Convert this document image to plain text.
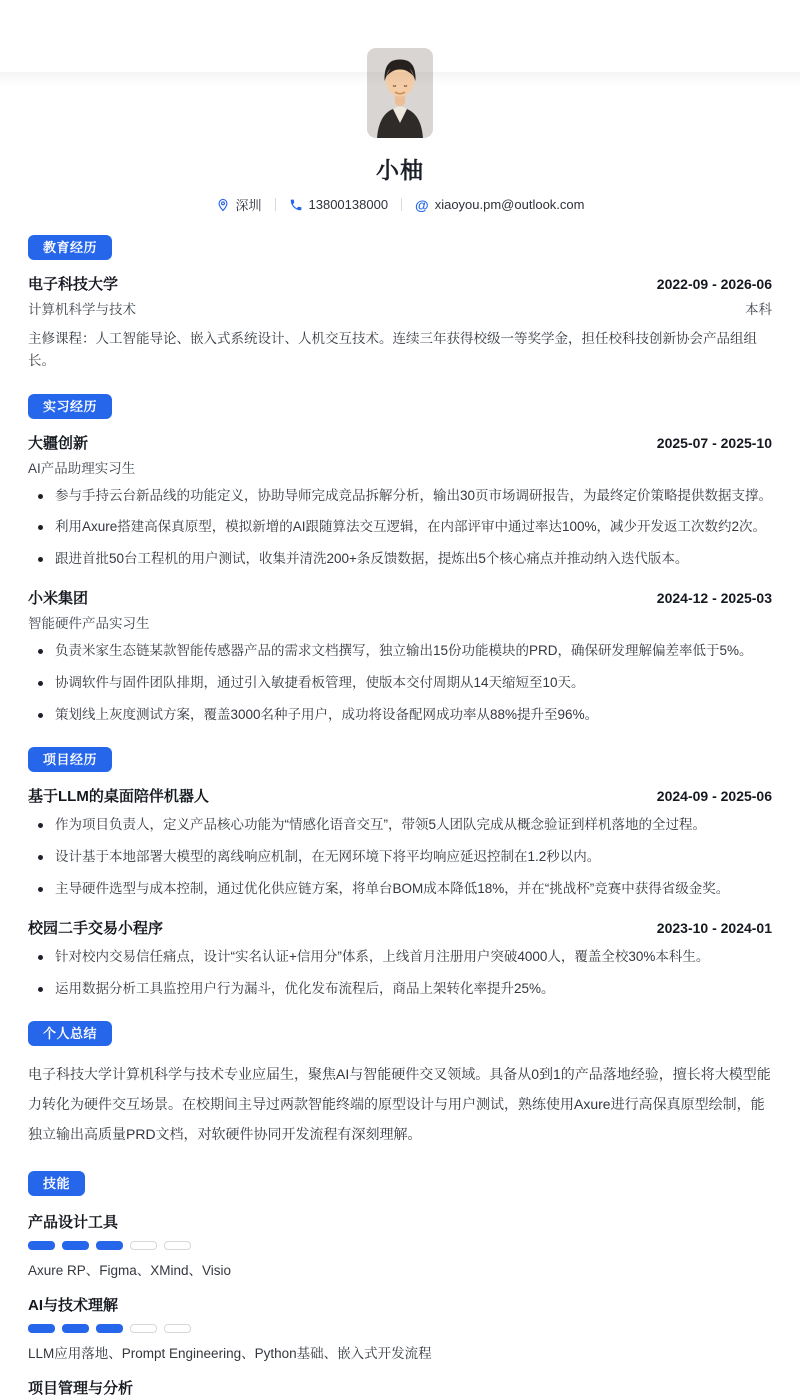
小柚
深圳	13800138000 @ xiaoyou.pm@outlook.com
教育经历
电子科技大学	2022-09 - 2026-06
计算机科学与技术	本科

主修课程：人工智能导论、嵌入式系统设计、人机交互技术。连续三年获得校级一等奖学金，担任校科技创新协会产品组组长。

实习经历
大疆创新	2025-07 - 2025-10
AI产品助理实习生
参与手持云台新品线的功能定义，协助导师完成竞品拆解分析，输出30页市场调研报告，为最终定价策略提供数据支撑。
利用Axure搭建高保真原型，模拟新增的AI跟随算法交互逻辑，在内部评审中通过率达100%，减少开发返工次数约2次。
跟进首批50台工程机的用户测试，收集并清洗200+条反馈数据，提炼出5个核心痛点并推动纳入迭代版本。
小米集团	2024-12 - 2025-03
智能硬件产品实习生
负责米家生态链某款智能传感器产品的需求文档撰写，独立输出15份功能模块的PRD，确保研发理解偏差率低于5%。
协调软件与固件团队排期，通过引入敏捷看板管理，使版本交付周期从14天缩短至10天。
策划线上灰度测试方案，覆盖3000名种子用户，成功将设备配网成功率从88%提升至96%。
项目经历
基于LLM的桌面陪伴机器人	2024-09 - 2025-06
作为项目负责人，定义产品核心功能为“情感化语音交互”，带领5人团队完成从概念验证到样机落地的全过程。
设计基于本地部署大模型的离线响应机制，在无网环境下将平均响应延迟控制在1.2秒以内。
主导硬件选型与成本控制，通过优化供应链方案，将单台BOM成本降低18%，并在“挑战杯”竞赛中获得省级金奖。
校园二手交易小程序	2023-10 - 2024-01
针对校内交易信任痛点，设计“实名认证+信用分”体系，上线首月注册用户突破4000人，覆盖全校30%本科生。
运用数据分析工具监控用户行为漏斗，优化发布流程后，商品上架转化率提升25%。
个人总结

电子科技大学计算机科学与技术专业应届生，聚焦AI与智能硬件交叉领域。具备从0到1的产品落地经验，擅长将大模型能力转化为硬件交互场景。在校期间主导过两款智能终端的原型设计与用户测试，熟练使用Axure进行高保真原型绘制，能独立输出高质量PRD文档，对软硬件协同开发流程有深刻理解。

技能
产品设计工具
Axure RP、Figma、XMind、Visio
AI与技术理解
LLM应用落地、Prompt Engineering、Python基础、嵌入式开发流程
项目管理与分析
